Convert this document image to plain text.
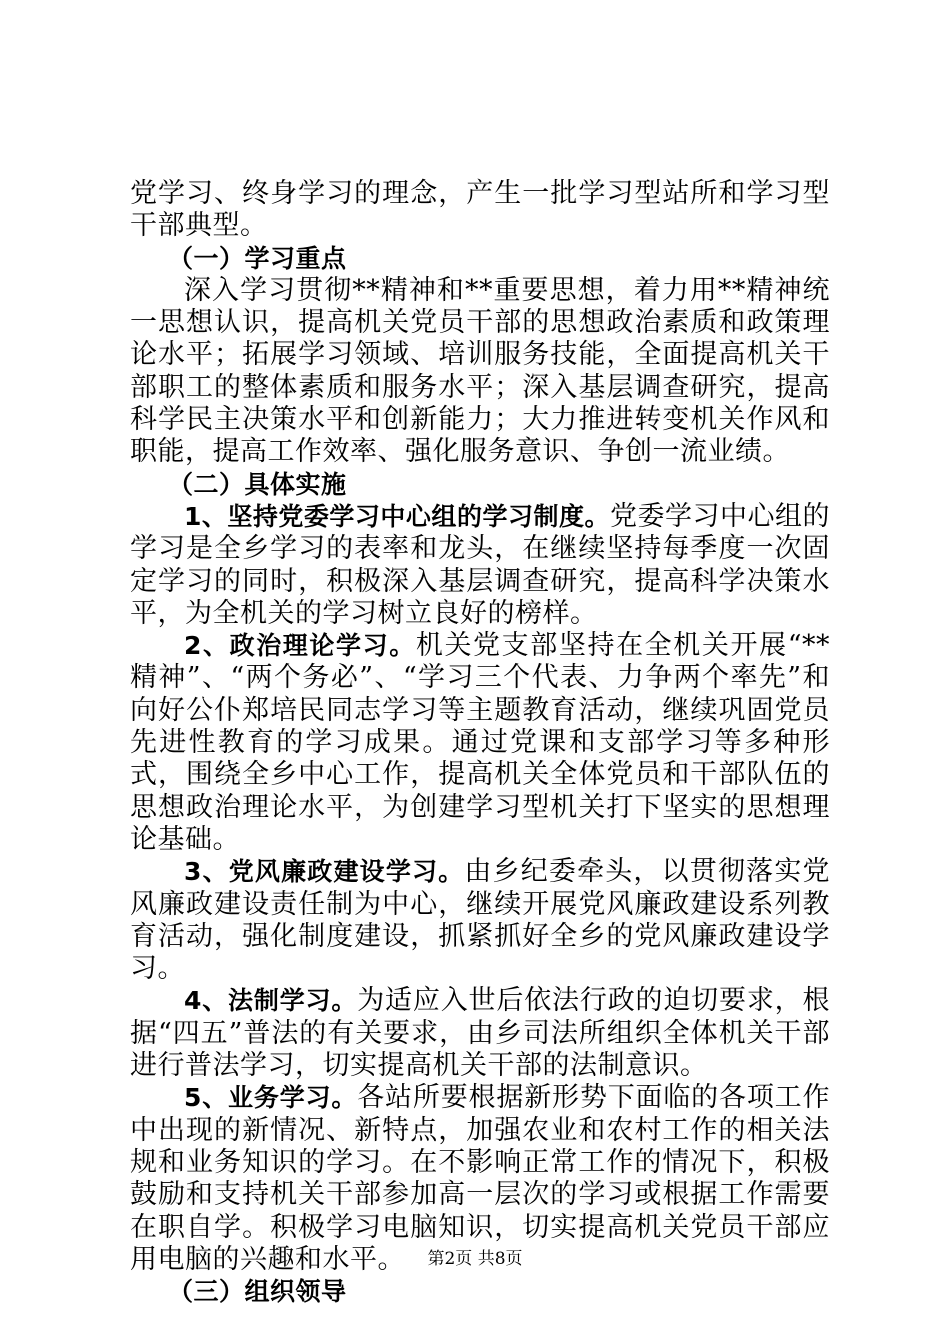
党学习、终身学习的理念，产生一批学习型站所和学习型干部典型。

（一）学习重点

深入学习贯彻**精神和**重要思想，着力用**精神统一思想认识，提高机关党员干部的思想政治素质和政策理论水平；拓展学习领域、培训服务技能，全面提高机关干部职工的整体素质和服务水平；深入基层调查研究，提高科学民主决策水平和创新能力；大力推进转变机关作风和职能，提高工作效率、强化服务意识、争创一流业绩。

（二）具体实施

1、坚持党委学习中心组的学习制度。党委学习中心组的学习是全乡学习的表率和龙头，在继续坚持每季度一次固定学习的同时，积极深入基层调查研究，提高科学决策水平，为全机关的学习树立良好的榜样。

2、政治理论学习。机关党支部坚持在全机关开展“**精神”、“两个务必”、“学习三个代表、力争两个率先”和向好公仆郑培民同志学习等主题教育活动，继续巩固党员先进性教育的学习成果。通过党课和支部学习等多种形式，围绕全乡中心工作，提高机关全体党员和干部队伍的思想政治理论水平，为创建学习型机关打下坚实的思想理论基础。

3、党风廉政建设学习。由乡纪委牵头，以贯彻落实党风廉政建设责任制为中心，继续开展党风廉政建设系列教育活动，强化制度建设，抓紧抓好全乡的党风廉政建设学习。

4、法制学习。为适应入世后依法行政的迫切要求，根据“四五”普法的有关要求，由乡司法所组织全体机关干部进行普法学习，切实提高机关干部的法制意识。

5、业务学习。各站所要根据新形势下面临的各项工作中出现的新情况、新特点，加强农业和农村工作的相关法规和业务知识的学习。在不影响正常工作的情况下，积极鼓励和支持机关干部参加高一层次的学习或根据工作需要在职自学。积极学习电脑知识，切实提高机关党员干部应用电脑的兴趣和水平。

（三）组织领导

第2页 共8页
